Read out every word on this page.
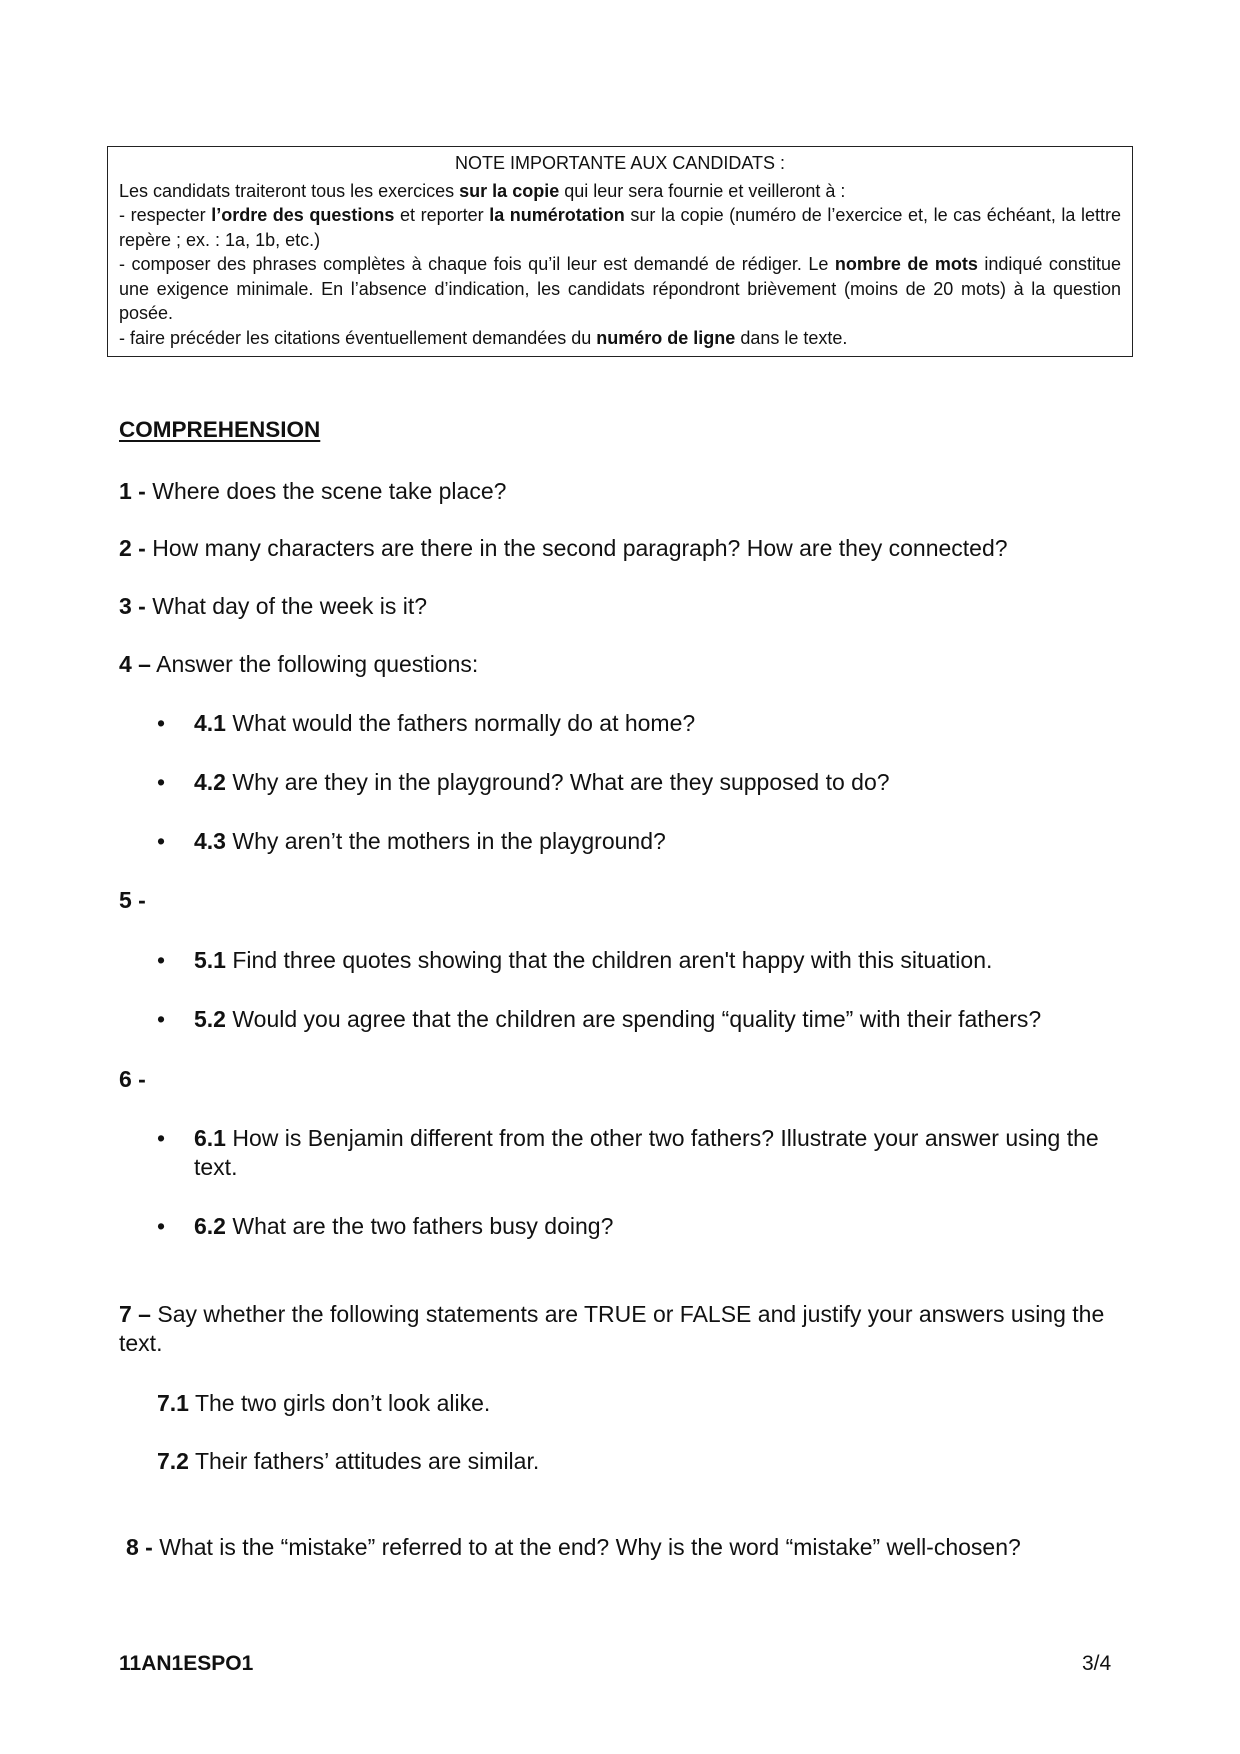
NOTE IMPORTANTE AUX CANDIDATS :

Les candidats traiteront tous les exercices sur la copie qui leur sera fournie et veilleront à :

- respecter l’ordre des questions et reporter la numérotation sur la copie (numéro de l’exercice et, le cas échéant, la lettre repère ; ex. : 1a, 1b, etc.)

- composer des phrases complètes à chaque fois qu’il leur est demandé de rédiger. Le nombre de mots indiqué constitue une exigence minimale. En l’absence d’indication, les candidats répondront brièvement (moins de 20 mots) à la question posée.

- faire précéder les citations éventuellement demandées du numéro de ligne dans le texte.

COMPREHENSION
1 - Where does the scene take place?
2 - How many characters are there in the second paragraph? How are they connected?
3 - What day of the week is it?
4 – Answer the following questions:
• 4.1 What would the fathers normally do at home?
• 4.2 Why are they in the playground? What are they supposed to do?
• 4.3 Why aren’t the mothers in the playground?
5 -
• 5.1 Find three quotes showing that the children aren't happy with this situation.
• 5.2 Would you agree that the children are spending “quality time” with their fathers?
6 -
• 6.1 How is Benjamin different from the other two fathers? Illustrate your answer using the text.
• 6.2 What are the two fathers busy doing?
7 – Say whether the following statements are TRUE or FALSE and justify your answers using the text.
7.1 The two girls don’t look alike.
7.2 Their fathers’ attitudes are similar.
8 - What is the “mistake” referred to at the end? Why is the word “mistake” well-chosen?
11AN1ESPO1	3/4
